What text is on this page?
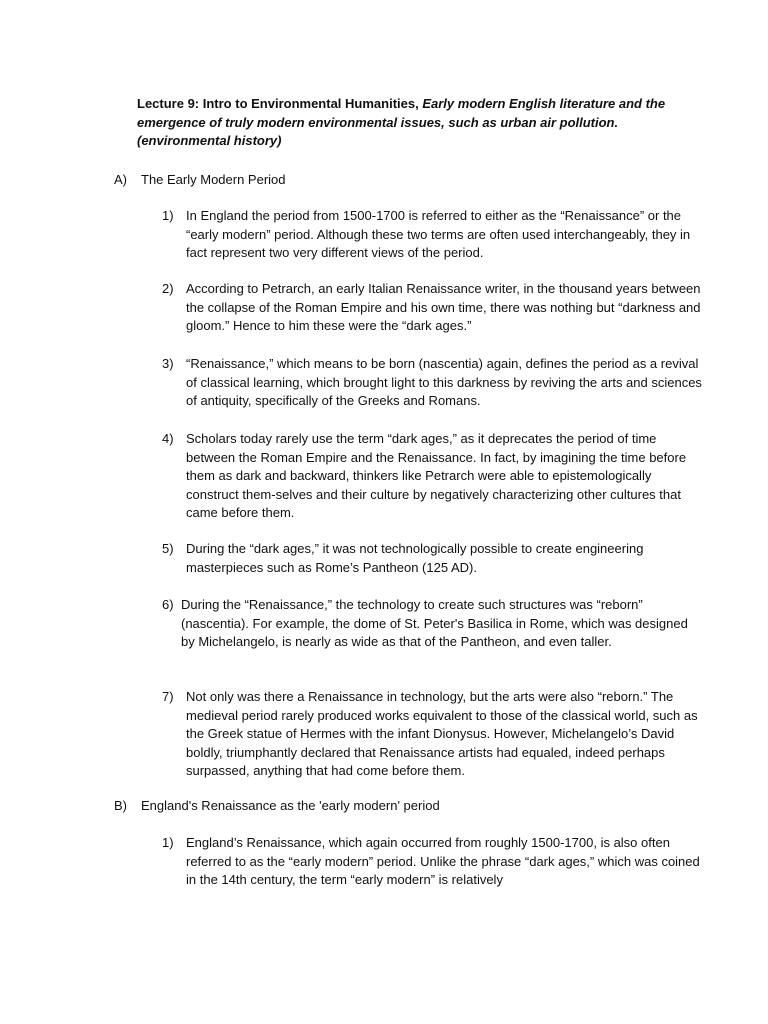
Lecture 9: Intro to Environmental Humanities, Early modern English literature and the emergence of truly modern environmental issues, such as urban air pollution. (environmental history)
A)	The Early Modern Period
1) In England the period from 1500-1700 is referred to either as the “Renaissance” or the “early modern” period. Although these two terms are often used interchangeably, they in fact represent two very different views of the period.
2) According to Petrarch, an early Italian Renaissance writer, in the thousand years between the collapse of the Roman Empire and his own time, there was nothing but “darkness and gloom.” Hence to him these were the “dark ages.”
3) “Renaissance,” which means to be born (nascentia) again, defines the period as a revival of classical learning, which brought light to this darkness by reviving the arts and sciences of antiquity, specifically of the Greeks and Romans.
4) Scholars today rarely use the term “dark ages,” as it deprecates the period of time between the Roman Empire and the Renaissance. In fact, by imagining the time before them as dark and backward, thinkers like Petrarch were able to epistemologically construct them-selves and their culture by negatively characterizing other cultures that came before them.
5) During the “dark ages,” it was not technologically possible to create engineering masterpieces such as Rome’s Pantheon (125 AD).
6) During the “Renaissance,” the technology to create such structures was “reborn” (nascentia). For example, the dome of St. Peter's Basilica in Rome, which was designed by Michelangelo, is nearly as wide as that of the Pantheon, and even taller.
7) Not only was there a Renaissance in technology, but the arts were also “reborn.” The medieval period rarely produced works equivalent to those of the classical world, such as the Greek statue of Hermes with the infant Dionysus. However, Michelangelo’s David boldly, triumphantly declared that Renaissance artists had equaled, indeed perhaps surpassed, anything that had come before them.
B)	England's Renaissance as the 'early modern' period
1) England’s Renaissance, which again occurred from roughly 1500-1700, is also often referred to as the “early modern” period. Unlike the phrase “dark ages,” which was coined in the 14th century, the term “early modern” is relatively
